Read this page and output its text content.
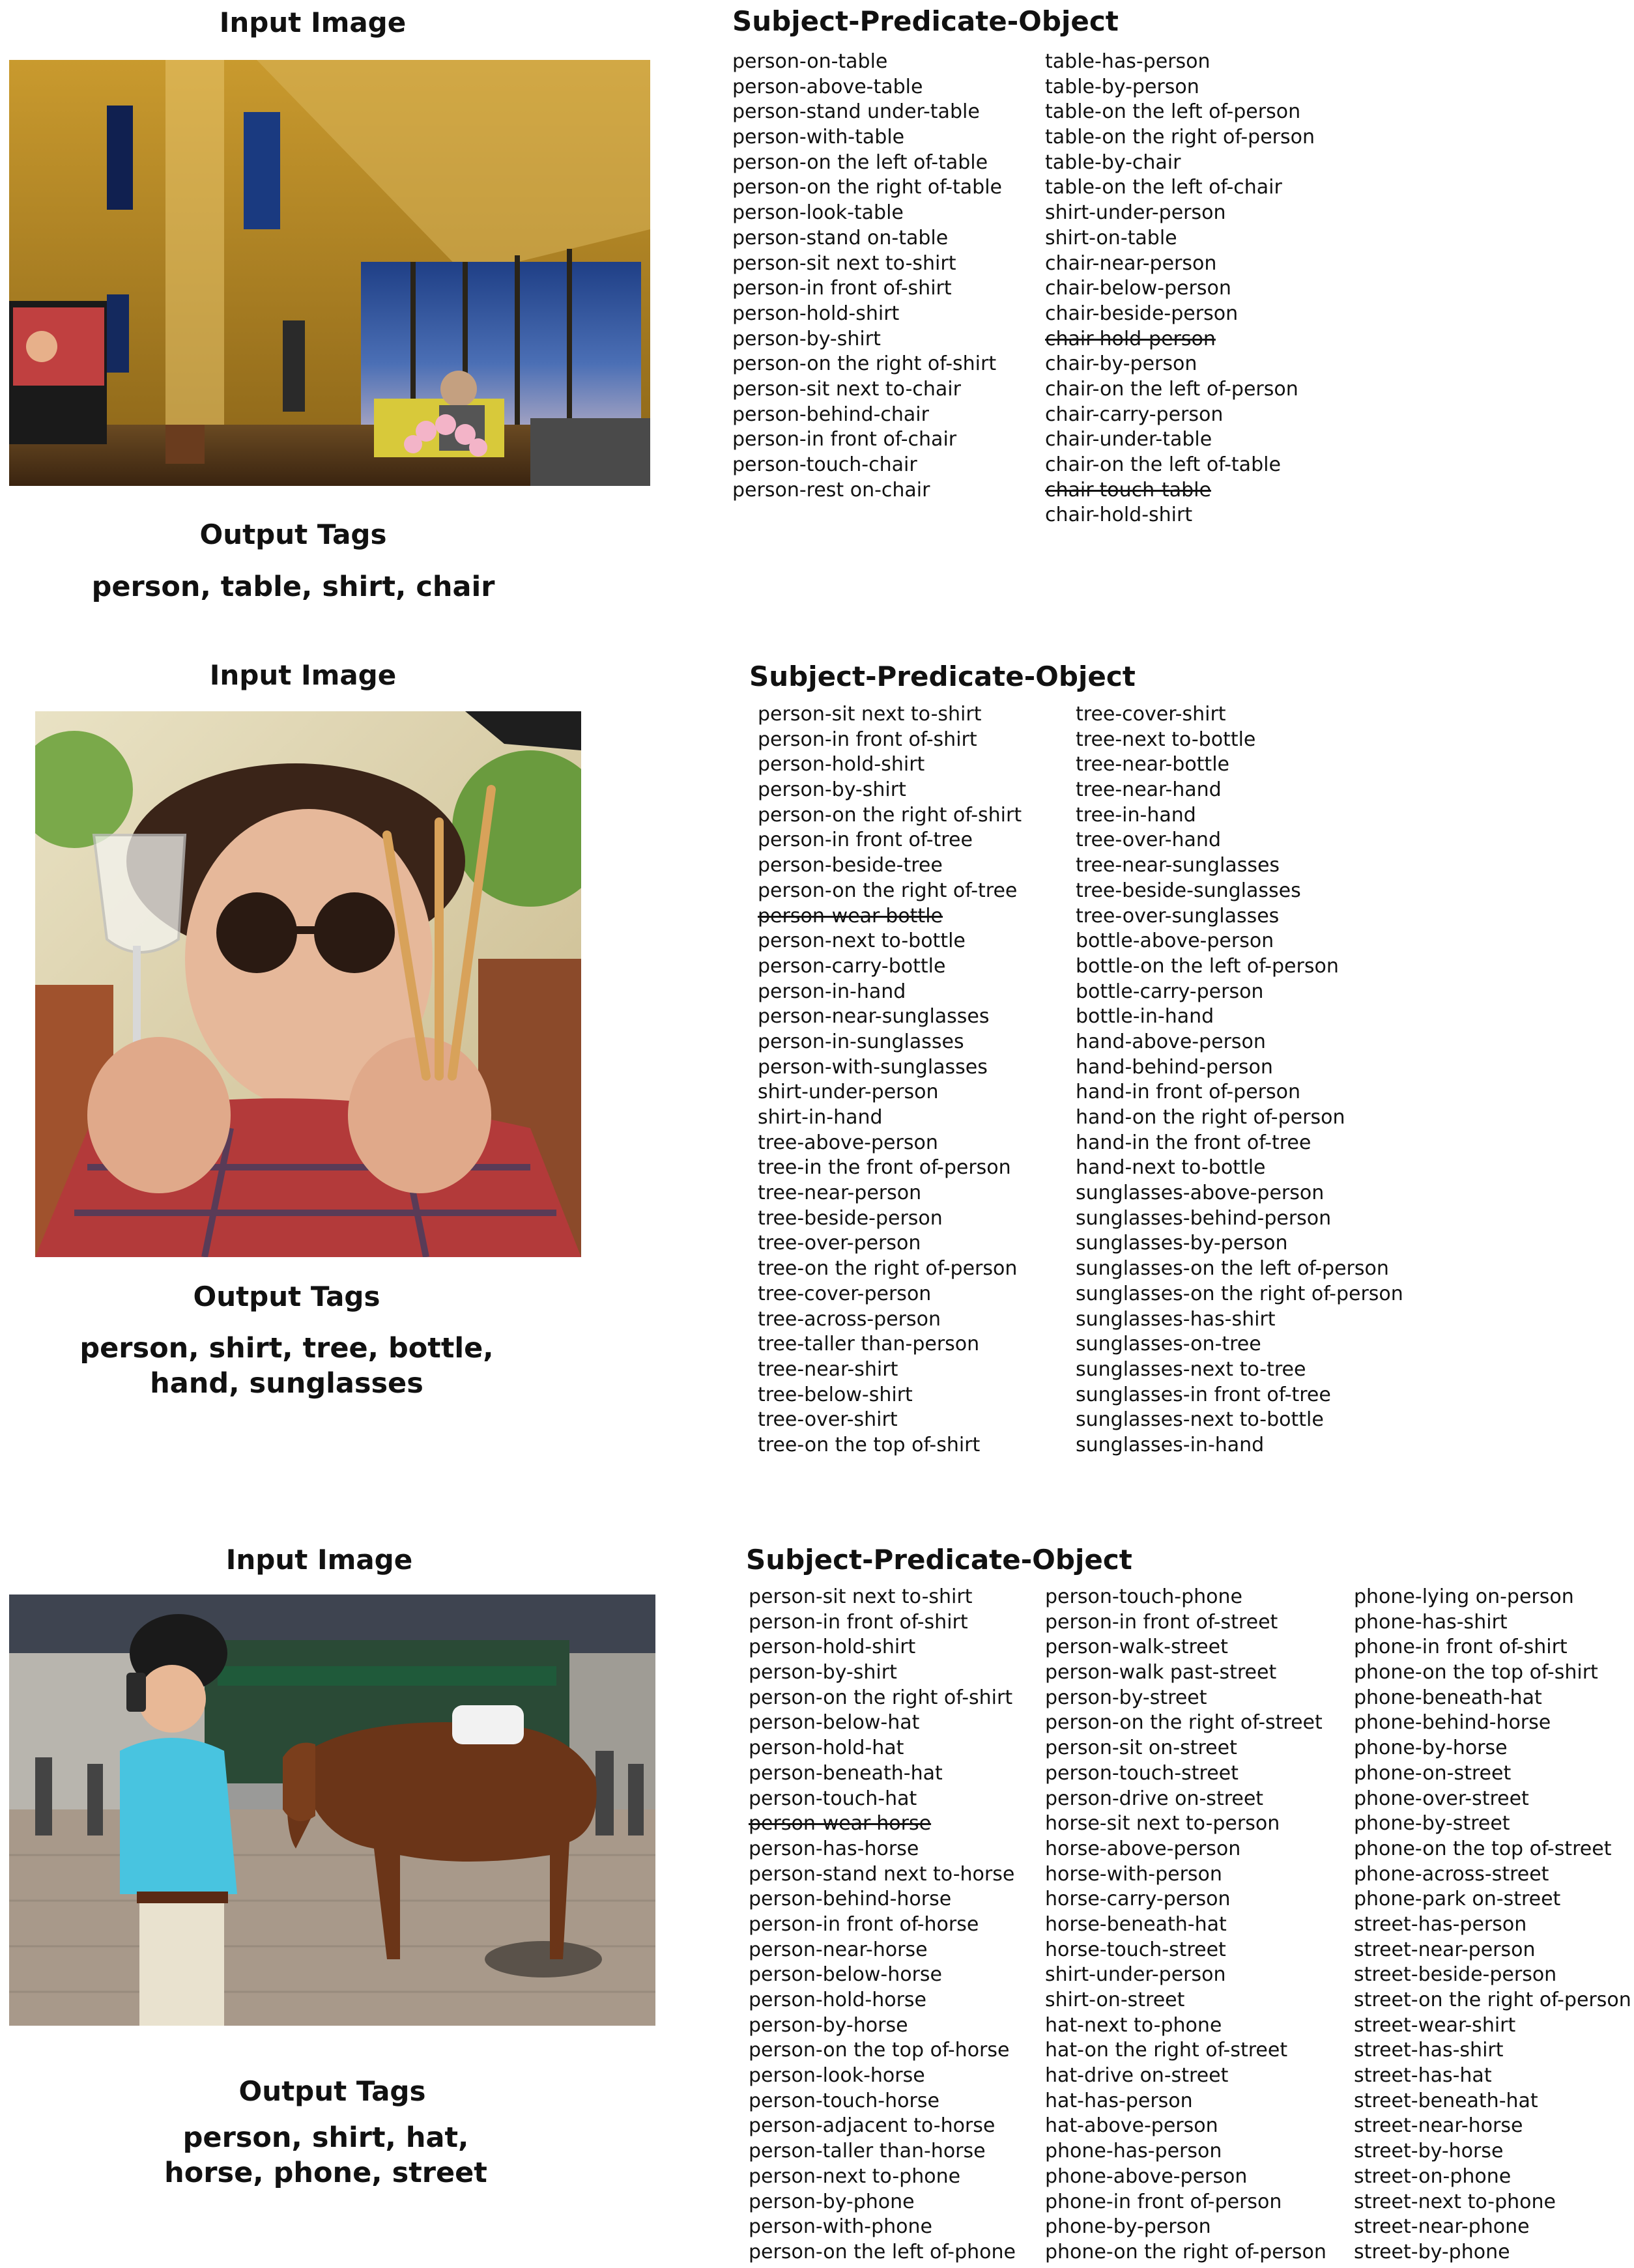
Input Image
Output Tags
person, table, shirt, chair
Subject-Predicate-Object
person-on-table
person-above-table
person-stand under-table
person-with-table
person-on the left of-table
person-on the right of-table
person-look-table
person-stand on-table
person-sit next to-shirt
person-in front of-shirt
person-hold-shirt
person-by-shirt
person-on the right of-shirt
person-sit next to-chair
person-behind-chair
person-in front of-chair
person-touch-chair
person-rest on-chair
table-has-person
table-by-person
table-on the left of-person
table-on the right of-person
table-by-chair
table-on the left of-chair
shirt-under-person
shirt-on-table
chair-near-person
chair-below-person
chair-beside-person
chair-hold-person
chair-by-person
chair-on the left of-person
chair-carry-person
chair-under-table
chair-on the left of-table
chair-touch-table
chair-hold-shirt
Input Image
Output Tags
person, shirt, tree, bottle,
hand, sunglasses
Subject-Predicate-Object
person-sit next to-shirt
person-in front of-shirt
person-hold-shirt
person-by-shirt
person-on the right of-shirt
person-in front of-tree
person-beside-tree
person-on the right of-tree
person-wear-bottle
person-next to-bottle
person-carry-bottle
person-in-hand
person-near-sunglasses
person-in-sunglasses
person-with-sunglasses
shirt-under-person
shirt-in-hand
tree-above-person
tree-in the front of-person
tree-near-person
tree-beside-person
tree-over-person
tree-on the right of-person
tree-cover-person
tree-across-person
tree-taller than-person
tree-near-shirt
tree-below-shirt
tree-over-shirt
tree-on the top of-shirt
tree-cover-shirt
tree-next to-bottle
tree-near-bottle
tree-near-hand
tree-in-hand
tree-over-hand
tree-near-sunglasses
tree-beside-sunglasses
tree-over-sunglasses
bottle-above-person
bottle-on the left of-person
bottle-carry-person
bottle-in-hand
hand-above-person
hand-behind-person
hand-in front of-person
hand-on the right of-person
hand-in the front of-tree
hand-next to-bottle
sunglasses-above-person
sunglasses-behind-person
sunglasses-by-person
sunglasses-on the left of-person
sunglasses-on the right of-person
sunglasses-has-shirt
sunglasses-on-tree
sunglasses-next to-tree
sunglasses-in front of-tree
sunglasses-next to-bottle
sunglasses-in-hand
Input Image
Output Tags
person, shirt, hat,
horse, phone, street
Subject-Predicate-Object
person-sit next to-shirt
person-in front of-shirt
person-hold-shirt
person-by-shirt
person-on the right of-shirt
person-below-hat
person-hold-hat
person-beneath-hat
person-touch-hat
person-wear-horse
person-has-horse
person-stand next to-horse
person-behind-horse
person-in front of-horse
person-near-horse
person-below-horse
person-hold-horse
person-by-horse
person-on the top of-horse
person-look-horse
person-touch-horse
person-adjacent to-horse
person-taller than-horse
person-next to-phone
person-by-phone
person-with-phone
person-on the left of-phone
person-touch-phone
person-in front of-street
person-walk-street
person-walk past-street
person-by-street
person-on the right of-street
person-sit on-street
person-touch-street
person-drive on-street
horse-sit next to-person
horse-above-person
horse-with-person
horse-carry-person
horse-beneath-hat
horse-touch-street
shirt-under-person
shirt-on-street
hat-next to-phone
hat-on the right of-street
hat-drive on-street
hat-has-person
hat-above-person
phone-has-person
phone-above-person
phone-in front of-person
phone-by-person
phone-on the right of-person
phone-lying on-person
phone-has-shirt
phone-in front of-shirt
phone-on the top of-shirt
phone-beneath-hat
phone-behind-horse
phone-by-horse
phone-on-street
phone-over-street
phone-by-street
phone-on the top of-street
phone-across-street
phone-park on-street
street-has-person
street-near-person
street-beside-person
street-on the right of-person
street-wear-shirt
street-has-shirt
street-has-hat
street-beneath-hat
street-near-horse
street-by-horse
street-on-phone
street-next to-phone
street-near-phone
street-by-phone
